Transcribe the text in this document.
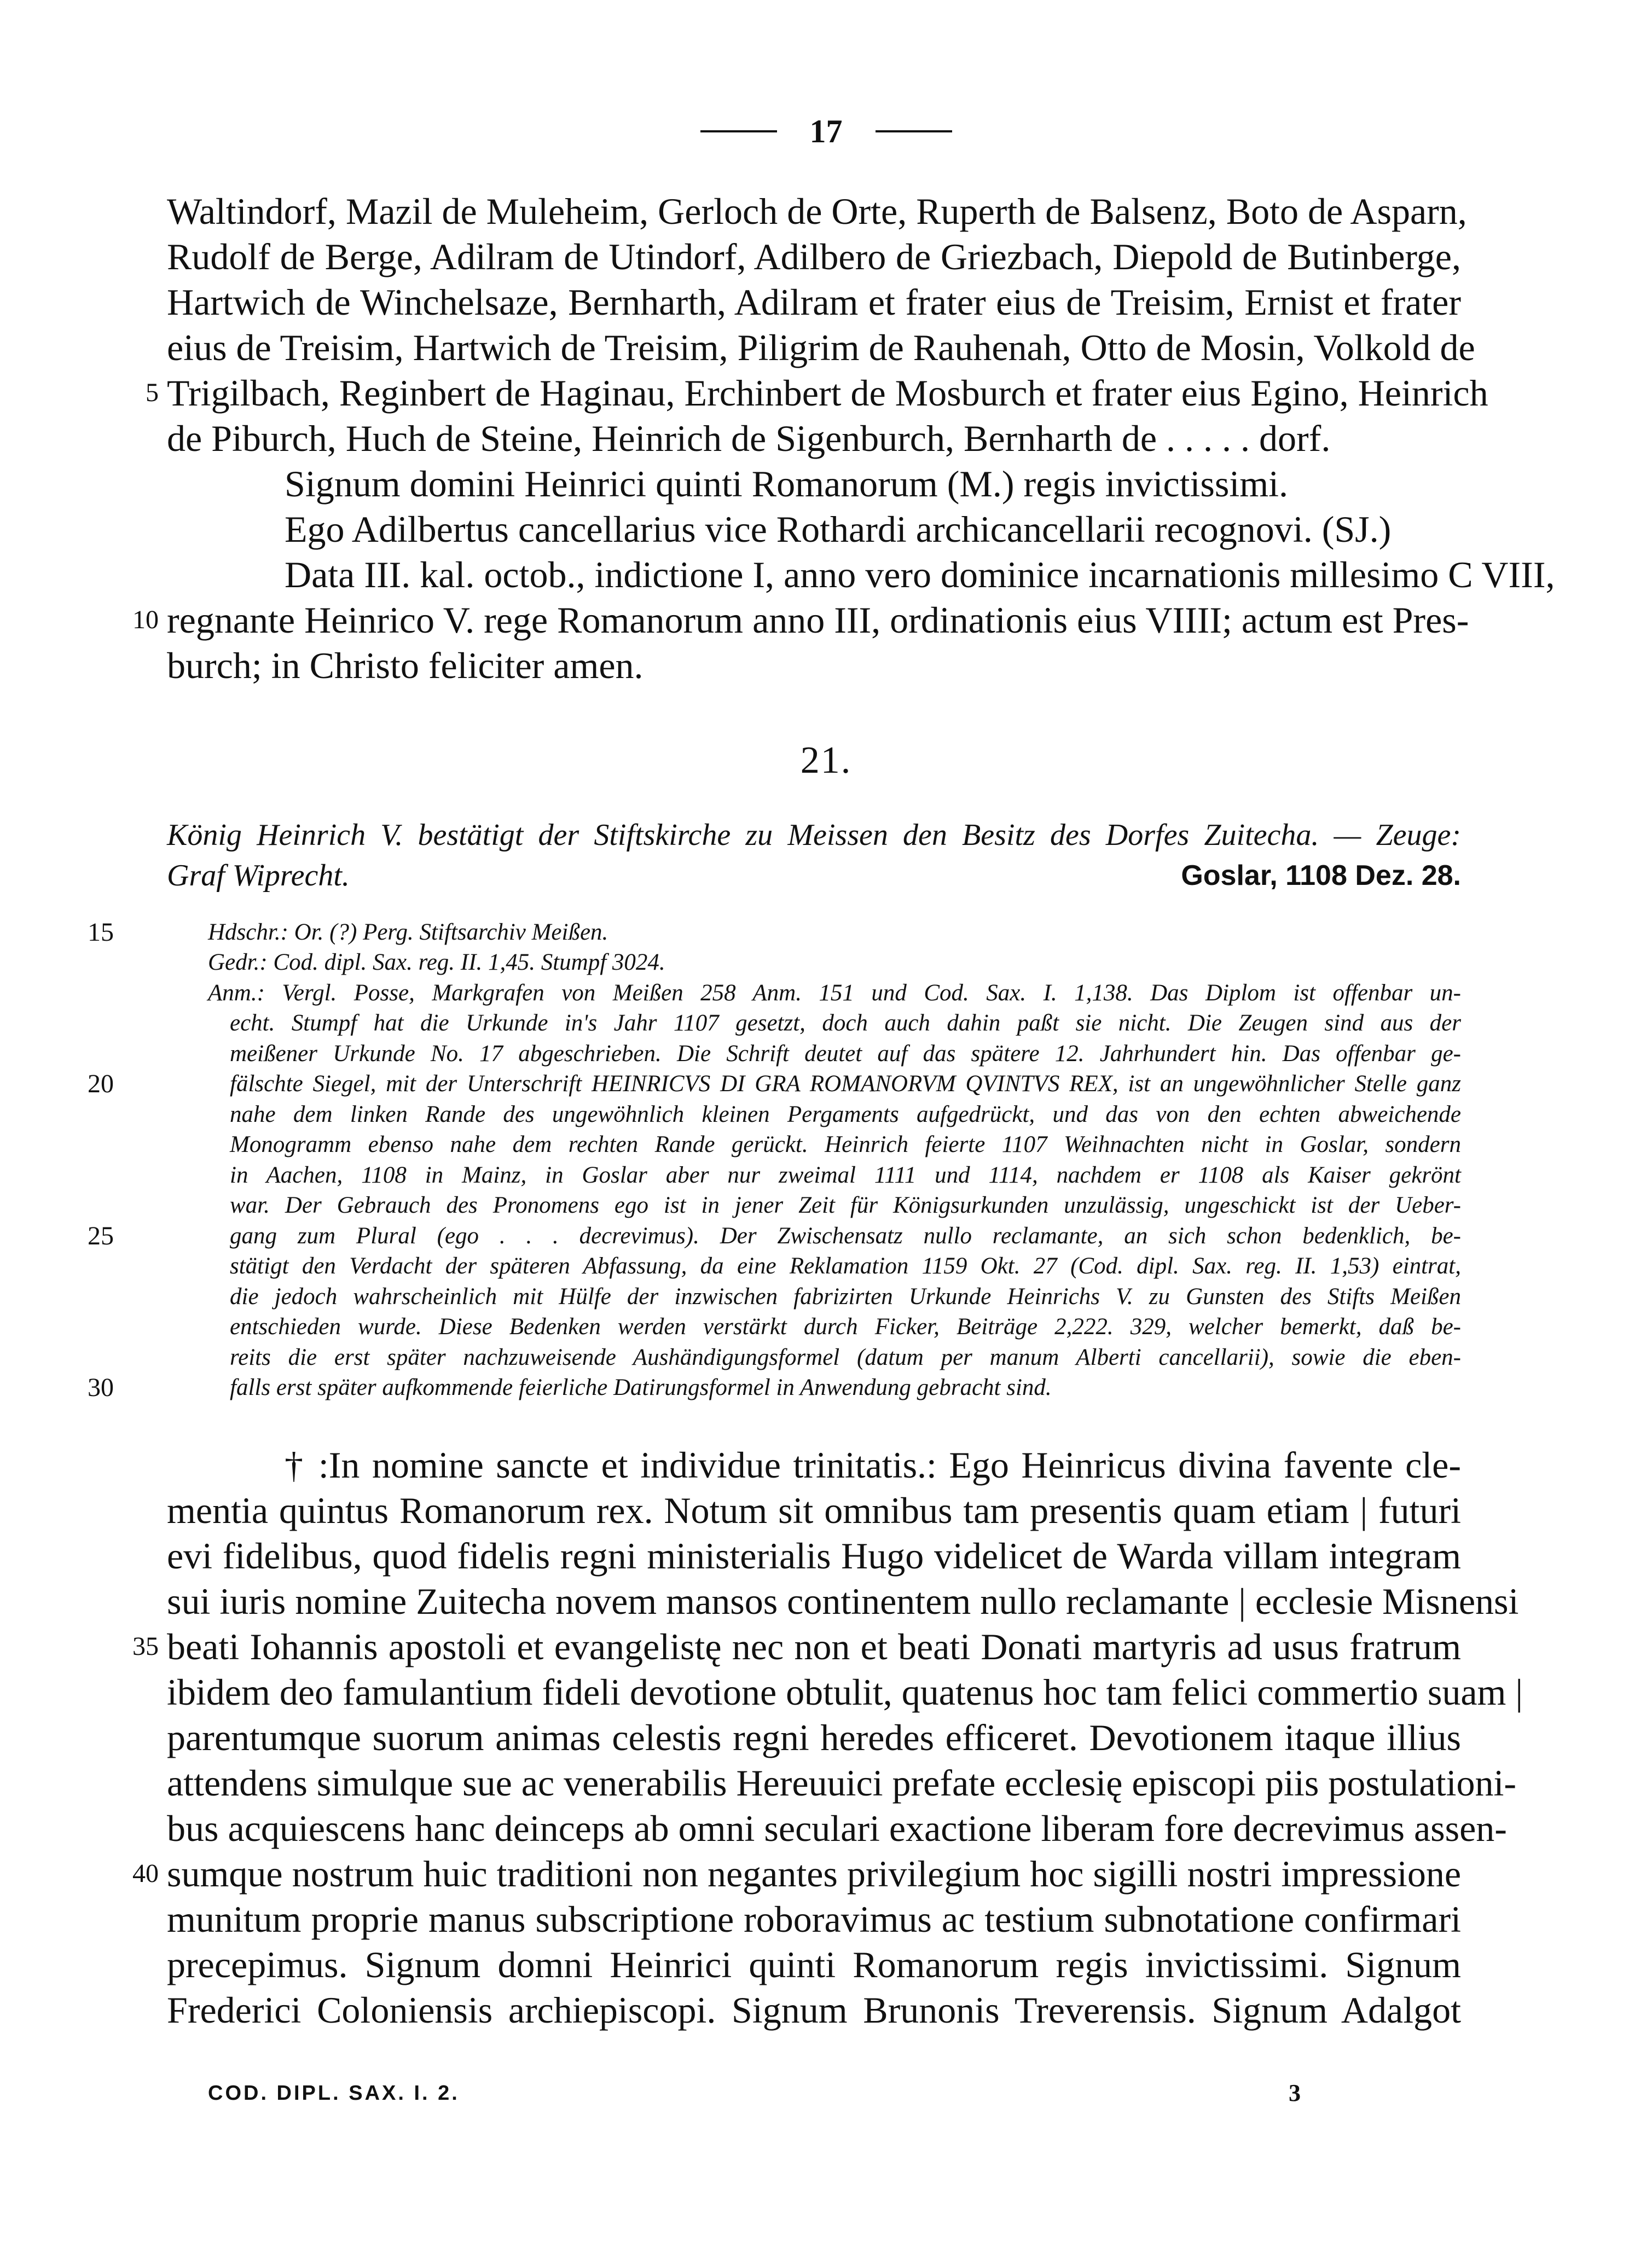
17
Waltindorf, Mazil de Muleheim, Gerloch de Orte, Ruperth de Balsenz, Boto de Asparn,
Rudolf de Berge, Adilram de Utindorf, Adilbero de Griezbach, Diepold de Butinberge,
Hartwich de Winchelsaze, Bernharth, Adilram et frater eius de Treisim, Ernist et frater
eius de Treisim, Hartwich de Treisim, Piligrim de Rauhenah, Otto de Mosin, Volkold de
5 Trigilbach, Reginbert de Haginau, Erchinbert de Mosburch et frater eius Egino, Heinrich
de Piburch, Huch de Steine, Heinrich de Sigenburch, Bernharth de . . . . . dorf.
Signum domini Heinrici quinti Romanorum (M.) regis invictissimi.
Ego Adilbertus cancellarius vice Rothardi archicancellarii recognovi. (SJ.)
Data III. kal. octob., indictione I, anno vero dominice incarnationis millesimo C VIII,
10 regnante Heinrico V. rege Romanorum anno III, ordinationis eius VIIII; actum est Pres-
burch; in Christo feliciter amen.
21.
König Heinrich V. bestätigt der Stiftskirche zu Meissen den Besitz des Dorfes Zuitecha. — Zeuge:
Graf Wiprecht.	Goslar, 1108 Dez. 28.
15	Hdschr.: Or. (?) Perg. Stiftsarchiv Meißen.
Gedr.: Cod. dipl. Sax. reg. II. 1,45. Stumpf 3024.
Anm.: Vergl. Posse, Markgrafen von Meißen 258 Anm. 151 und Cod. Sax. I. 1,138. Das Diplom ist offenbar un-
echt. Stumpf hat die Urkunde in's Jahr 1107 gesetzt, doch auch dahin paßt sie nicht. Die Zeugen sind aus der
meißener Urkunde No. 17 abgeschrieben. Die Schrift deutet auf das spätere 12. Jahrhundert hin. Das offenbar ge-
20	fälschte Siegel, mit der Unterschrift HEINRICVS DI GRA ROMANORVM QVINTVS REX, ist an ungewöhnlicher Stelle ganz
nahe dem linken Rande des ungewöhnlich kleinen Pergaments aufgedrückt, und das von den echten abweichende
Monogramm ebenso nahe dem rechten Rande gerückt. Heinrich feierte 1107 Weihnachten nicht in Goslar, sondern
in Aachen, 1108 in Mainz, in Goslar aber nur zweimal 1111 und 1114, nachdem er 1108 als Kaiser gekrönt
war. Der Gebrauch des Pronomens ego ist in jener Zeit für Königsurkunden unzulässig, ungeschickt ist der Ueber-
25	gang zum Plural (ego . . . decrevimus). Der Zwischensatz nullo reclamante, an sich schon bedenklich, be-
stätigt den Verdacht der späteren Abfassung, da eine Reklamation 1159 Okt. 27 (Cod. dipl. Sax. reg. II. 1,53) eintrat,
die jedoch wahrscheinlich mit Hülfe der inzwischen fabrizirten Urkunde Heinrichs V. zu Gunsten des Stifts Meißen
entschieden wurde. Diese Bedenken werden verstärkt durch Ficker, Beiträge 2,222. 329, welcher bemerkt, daß be-
reits die erst später nachzuweisende Aushändigungsformel (datum per manum Alberti cancellarii), sowie die eben-
30	falls erst später aufkommende feierliche Datirungsformel in Anwendung gebracht sind.
† :In nomine sancte et individue trinitatis.: Ego Heinricus divina favente cle-
mentia quintus Romanorum rex. Notum sit omnibus tam presentis quam etiam | futuri
evi fidelibus, quod fidelis regni ministerialis Hugo videlicet de Warda villam integram
sui iuris nomine Zuitecha novem mansos continentem nullo reclamante | ecclesie Misnensi
35 beati Iohannis apostoli et evangelistę nec non et beati Donati martyris ad usus fratrum
ibidem deo famulantium fideli devotione obtulit, quatenus hoc tam felici commertio suam |
parentumque suorum animas celestis regni heredes efficeret. Devotionem itaque illius
attendens simulque sue ac venerabilis Hereuuici prefate ecclesię episcopi piis postulationi-
bus acquiescens hanc deinceps ab omni seculari exactione liberam fore decrevimus assen-
40 sumque nostrum huic traditioni non negantes privilegium hoc sigilli nostri impressione
munitum proprie manus subscriptione roboravimus ac testium subnotatione confirmari
precepimus. Signum domni Heinrici quinti Romanorum regis invictissimi. Signum
Frederici Coloniensis archiepiscopi. Signum Brunonis Treverensis. Signum Adalgot
COD. DIPL. SAX. I. 2.	3
